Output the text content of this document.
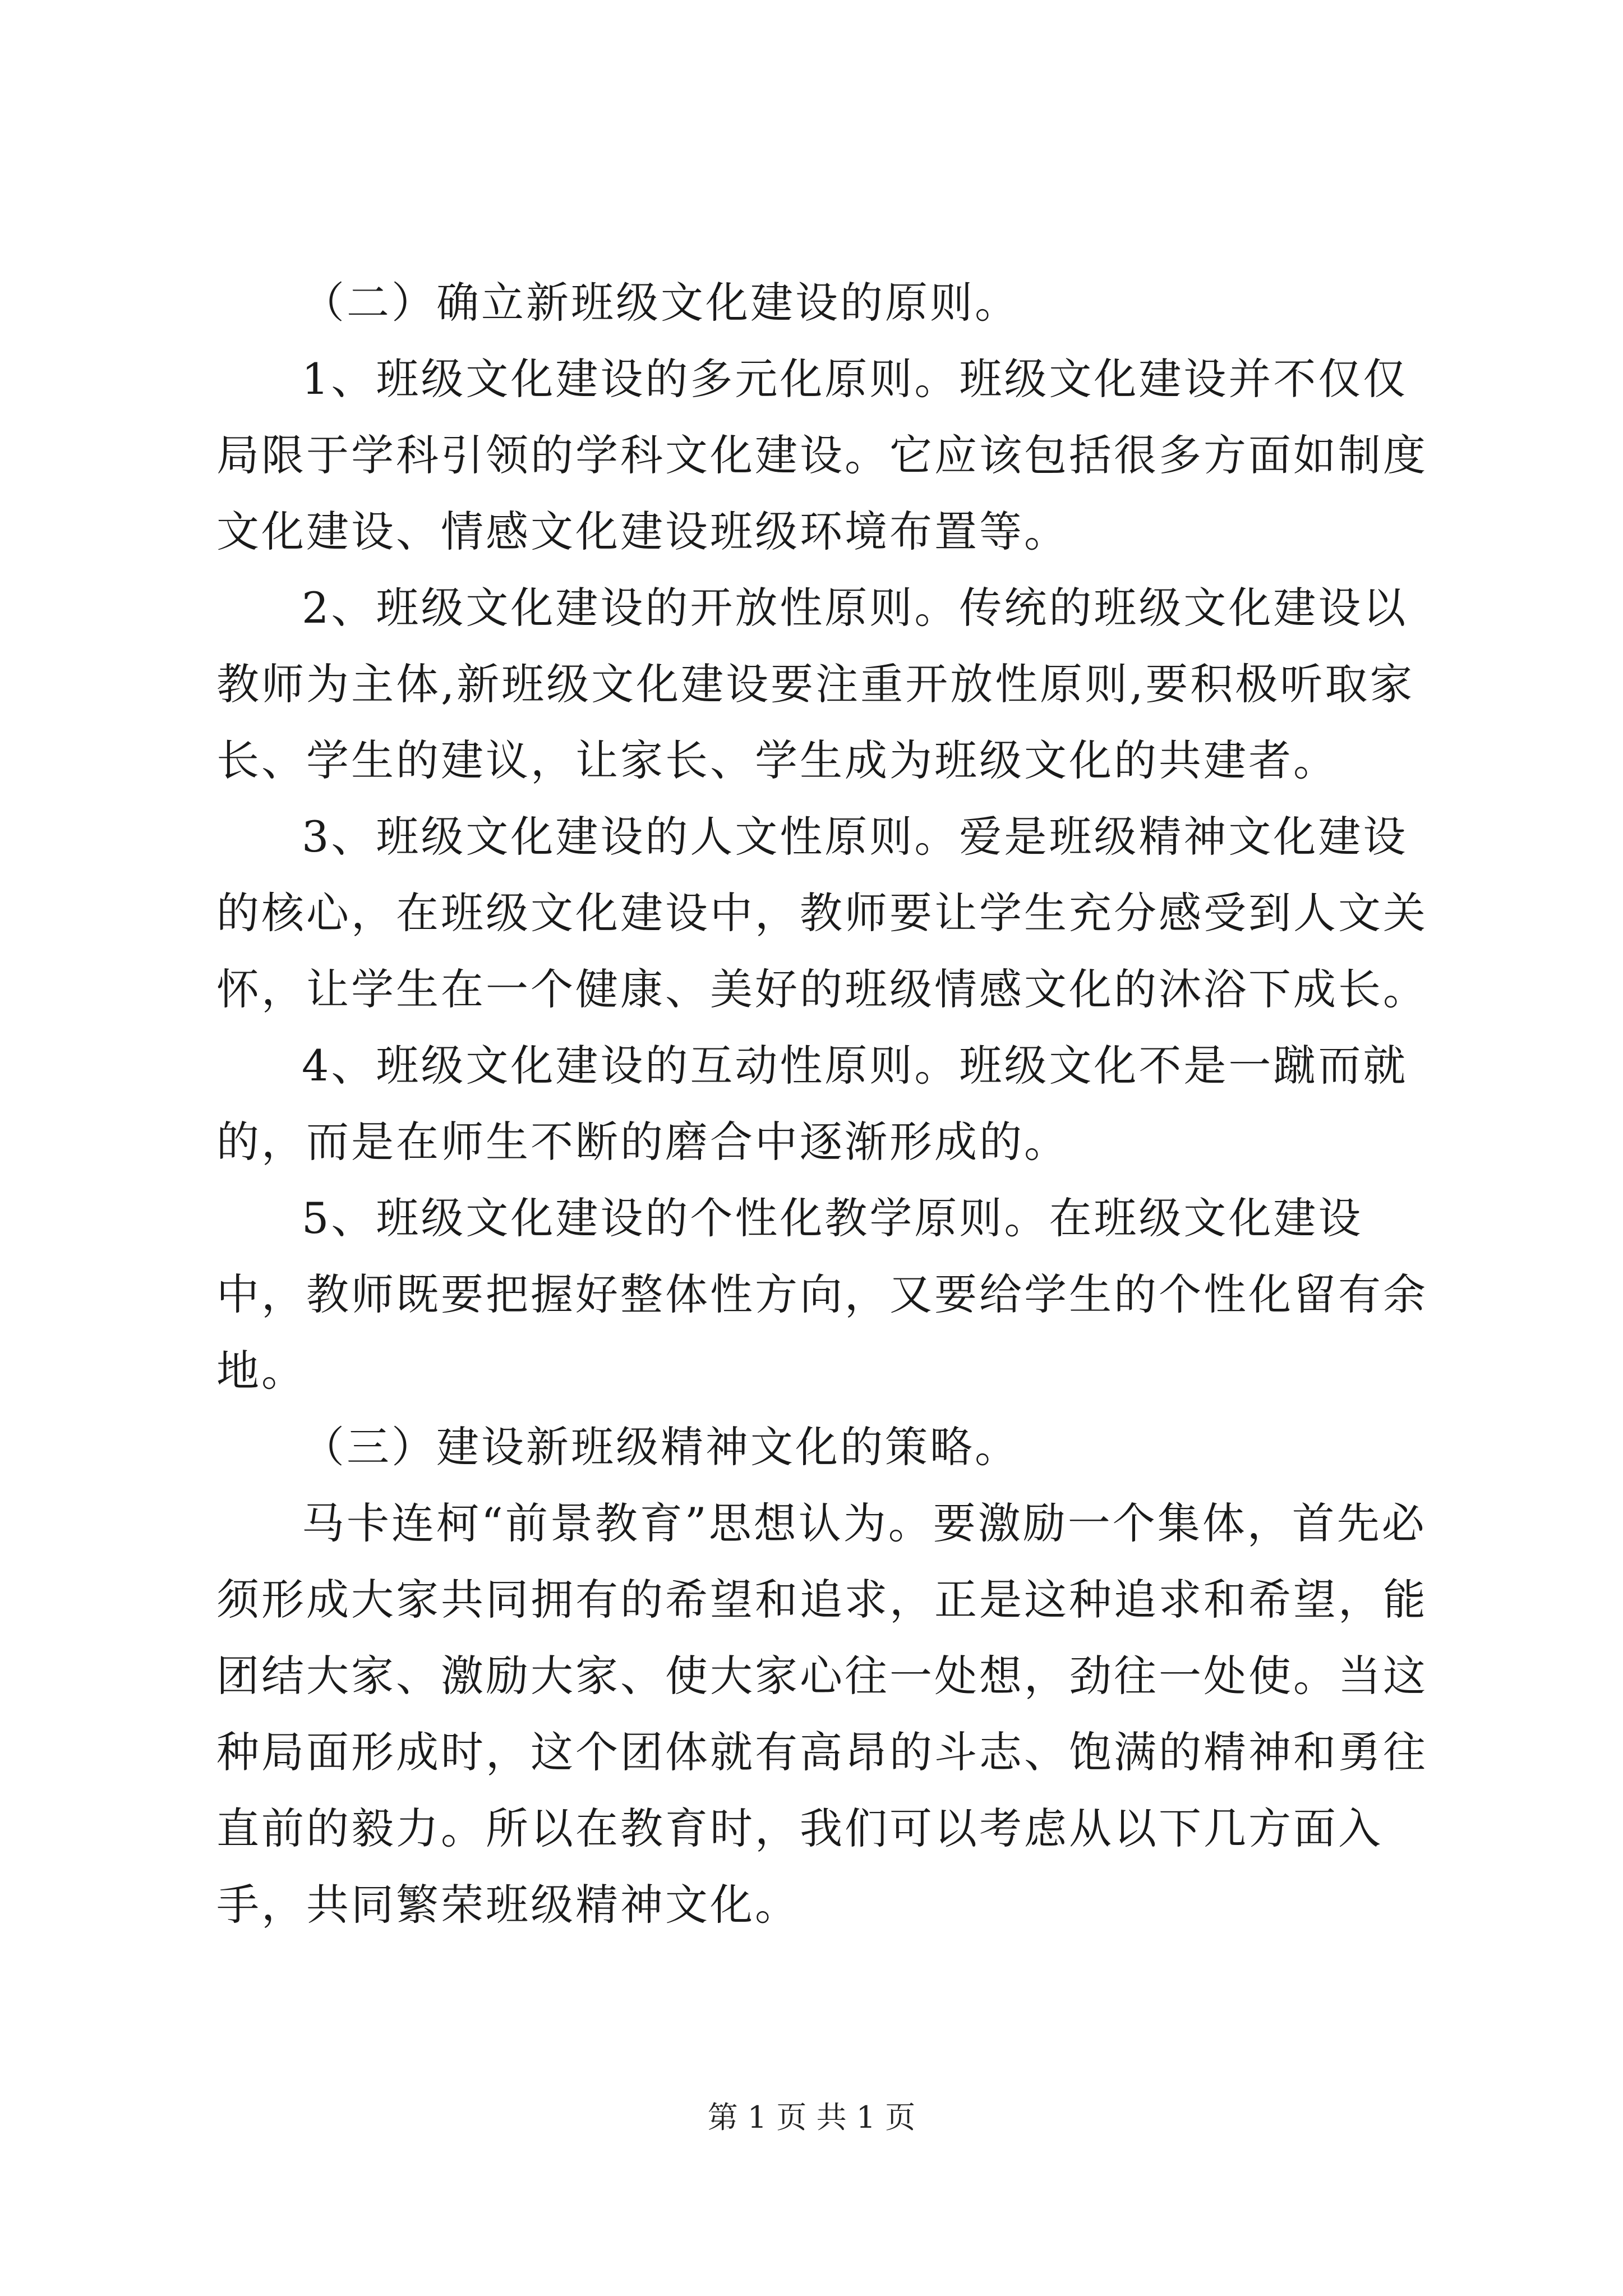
（二）确立新班级文化建设的原则。

1、班级文化建设的多元化原则。班级文化建设并不仅仅局限于学科引领的学科文化建设。它应该包括很多方面如制度文化建设、情感文化建设班级环境布置等。

2、班级文化建设的开放性原则。传统的班级文化建设以教师为主体,新班级文化建设要注重开放性原则,要积极听取家长、学生的建议，让家长、学生成为班级文化的共建者。

3、班级文化建设的人文性原则。爱是班级精神文化建设的核心，在班级文化建设中，教师要让学生充分感受到人文关怀，让学生在一个健康、美好的班级情感文化的沐浴下成长。

4、班级文化建设的互动性原则。班级文化不是一蹴而就的，而是在师生不断的磨合中逐渐形成的。

5、班级文化建设的个性化教学原则。在班级文化建设中，教师既要把握好整体性方向，又要给学生的个性化留有余地。

（三）建设新班级精神文化的策略。

马卡连柯“前景教育”思想认为。要激励一个集体，首先必须形成大家共同拥有的希望和追求，正是这种追求和希望，能团结大家、激励大家、使大家心往一处想，劲往一处使。当这种局面形成时，这个团体就有高昂的斗志、饱满的精神和勇往直前的毅力。所以在教育时，我们可以考虑从以下几方面入手，共同繁荣班级精神文化。

第 1 页 共 1 页
